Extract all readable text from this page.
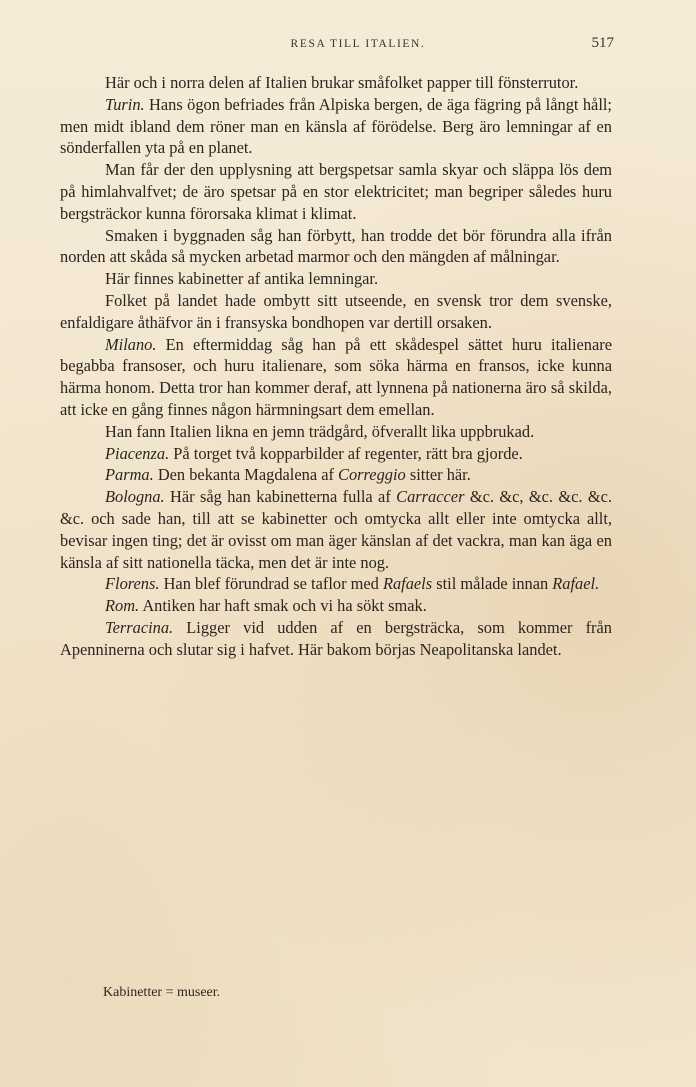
RESA TILL ITALIEN.	517

Här och i norra delen af Italien brukar småfolket papper till fönsterrutor.

Turin. Hans ögon befriades från Alpiska bergen, de äga fägring på långt håll; men midt ibland dem röner man en känsla af förödelse. Berg äro lemningar af en sönderfallen yta på en planet.

Man får der den upplysning att bergspetsar samla skyar och släppa lös dem på himlahvalfvet; de äro spetsar på en stor elektricitet; man begriper således huru bergsträckor kunna förorsaka klimat i klimat.

Smaken i byggnaden såg han förbytt, han trodde det bör förundra alla ifrån norden att skåda så mycken arbetad marmor och den mängden af målningar.

Här finnes kabinetter af antika lemningar.

Folket på landet hade ombytt sitt utseende, en svensk tror dem svenske, enfaldigare åthäfvor än i fransyska bondhopen var dertill orsaken.

Milano. En eftermiddag såg han på ett skådespel sättet huru italienare begabba fransoser, och huru italienare, som söka härma en fransos, icke kunna härma honom. Detta tror han kommer deraf, att lynnena på nationerna äro så skilda, att icke en gång finnes någon härmningsart dem emellan.

Han fann Italien likna en jemn trädgård, öfverallt lika uppbrukad.

Piacenza. På torget två kopparbilder af regenter, rätt bra gjorde.

Parma. Den bekanta Magdalena af Correggio sitter här.

Bologna. Här såg han kabinetterna fulla af Carraccer &c. &c, &c. &c. &c. &c. och sade han, till att se kabinetter och omtycka allt eller inte omtycka allt, bevisar ingen ting; det är ovisst om man äger känslan af det vackra, man kan äga en känsla af sitt nationella täcka, men det är inte nog.

Florens. Han blef förundrad se taflor med Rafaels stil målade innan Rafael.

Rom. Antiken har haft smak och vi ha sökt smak.

Terracina. Ligger vid udden af en bergsträcka, som kommer från Apenninerna och slutar sig i hafvet. Här bakom börjas Neapolitanska landet.

Kabinetter = museer.
